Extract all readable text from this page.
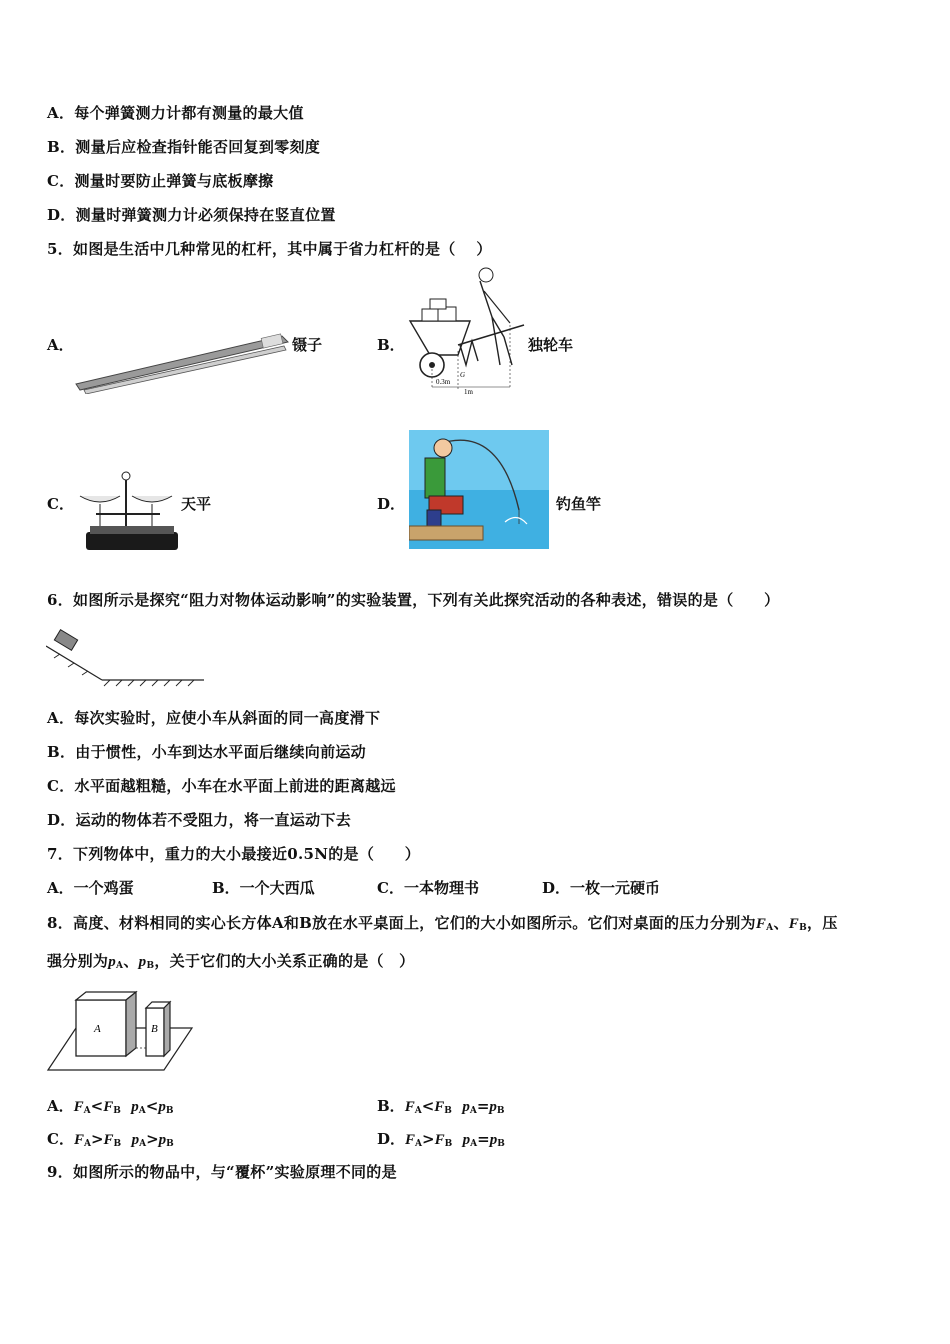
A．每个弹簧测力计都有测量的最大值
B．测量后应检查指针能否回复到零刻度
C．测量时要防止弹簧与底板摩擦
D．测量时弹簧测力计必须保持在竖直位置
5．如图是生活中几种常见的杠杆，其中属于省力杠杆的是（　 ）
A．	镊子	B．
0.3m
1m
G
独轮车
C．	天平	D．	钓鱼竿
6．如图所示是探究“阻力对物体运动影响”的实验装置，下列有关此探究活动的各种表述，错误的是（　　）
A．每次实验时，应使小车从斜面的同一高度滑下
B．由于惯性，小车到达水平面后继续向前运动
C．水平面越粗糙，小车在水平面上前进的距离越远
D．运动的物体若不受阻力，将一直运动下去
7．下列物体中，重力的大小最接近0.5N的是（　　）
A．一个鸡蛋	B．一个大西瓜	C．一本物理书	D．一枚一元硬币
8．高度、材料相同的实心长方体A和B放在水平桌面上，它们的大小如图所示。它们对桌面的压力分别为$F_A$、$F_B$，压
强分别为$p_A$、$p_B$，关于它们的大小关系正确的是（　）
A	B
A．$F_A<F_B$ $p_A<p_B$	B．$F_A<F_B$ $p_A=p_B$
C．$F_A>F_B$ $p_A>p_B$	D．$F_A>F_B$ $p_A=p_B$
9．如图所示的物品中，与“覆杯”实验原理不同的是
